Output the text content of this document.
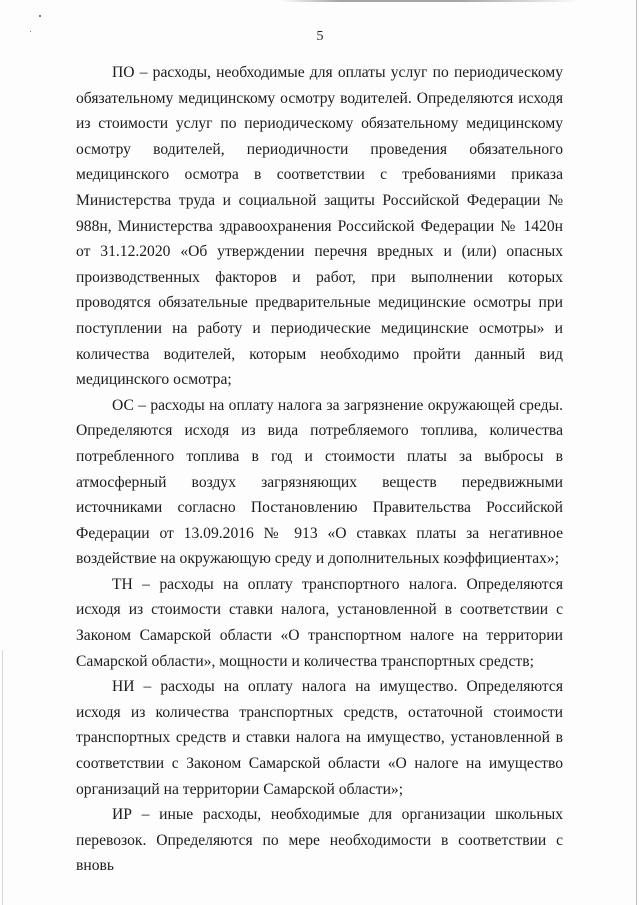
5

ПО – расходы, необходимые для оплаты услуг по периодическому обязательному медицинскому осмотру водителей. Определяются исходя из стоимости услуг по периодическому обязательному медицинскому осмотру водителей, периодичности проведения обязательного медицинского осмотра в соответствии с требованиями приказа Министерства труда и социальной защиты Российской Федерации № 988н, Министерства здравоохранения Российской Федерации № 1420н от 31.12.2020 «Об утверждении перечня вредных и (или) опасных производственных факторов и работ, при выполнении которых проводятся обязательные предварительные медицинские осмотры при поступлении на работу и периодические медицинские осмотры» и количества водителей, которым необходимо пройти данный вид медицинского осмотра;

ОС – расходы на оплату налога за загрязнение окружающей среды. Определяются исходя из вида потребляемого топлива, количества потребленного топлива в год и стоимости платы за выбросы в атмосферный воздух загрязняющих веществ передвижными источниками согласно Постановлению Правительства Российской Федерации от 13.09.2016 № 913 «О ставках платы за негативное воздействие на окружающую среду и дополнительных коэффициентах»;

ТН – расходы на оплату транспортного налога. Определяются исходя из стоимости ставки налога, установленной в соответствии с Законом Самарской области «О транспортном налоге на территории Самарской области», мощности и количества транспортных средств;

НИ – расходы на оплату налога на имущество. Определяются исходя из количества транспортных средств, остаточной стоимости транспортных средств и ставки налога на имущество, установленной в соответствии с Законом Самарской области «О налоге на имущество организаций на территории Самарской области»;

ИР – иные расходы, необходимые для организации школьных перевозок. Определяются по мере необходимости в соответствии с вновь
